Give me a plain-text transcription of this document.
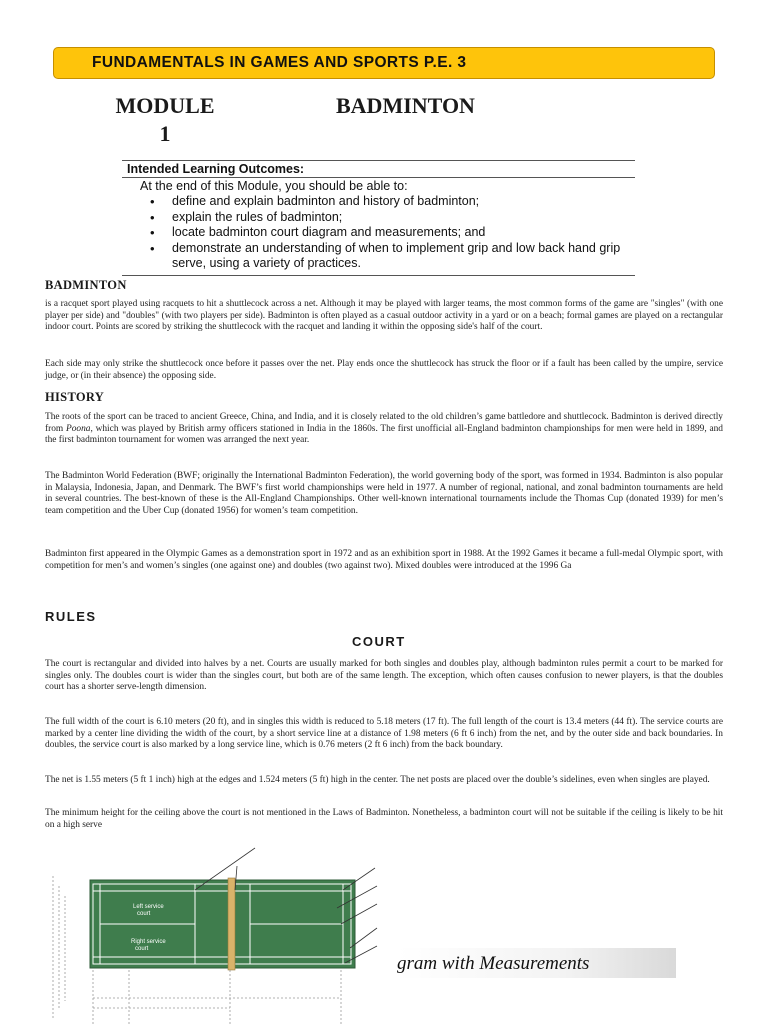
FUNDAMENTALS IN GAMES AND SPORTS P.E. 3
MODULE
1
BADMINTON
Intended Learning Outcomes:
At the end of this Module, you should be able to:
• define and explain badminton and history of badminton;
• explain the rules of badminton;
• locate badminton court diagram and measurements; and
• demonstrate an understanding of when to implement grip and low back hand grip serve, using a variety of practices.
BADMINTON

is a racquet sport played using racquets to hit a shuttlecock across a net. Although it may be played with larger teams, the most common forms of the game are "singles" (with one player per side) and "doubles" (with two players per side). Badminton is often played as a casual outdoor activity in a yard or on a beach; formal games are played on a rectangular indoor court. Points are scored by striking the shuttlecock with the racquet and landing it within the opposing side's half of the court.

Each side may only strike the shuttlecock once before it passes over the net. Play ends once the shuttlecock has struck the floor or if a fault has been called by the umpire, service judge, or (in their absence) the opposing side.

HISTORY

The roots of the sport can be traced to ancient Greece, China, and India, and it is closely related to the old children’s game battledore and shuttlecock. Badminton is derived directly from Poona, which was played by British army officers stationed in India in the 1860s. The first unofficial all-England badminton championships for men were held in 1899, and the first badminton tournament for women was arranged the next year.

The Badminton World Federation (BWF; originally the International Badminton Federation), the world governing body of the sport, was formed in 1934. Badminton is also popular in Malaysia, Indonesia, Japan, and Denmark. The BWF’s first world championships were held in 1977. A number of regional, national, and zonal badminton tournaments are held in several countries. The best-known of these is the All-England Championships. Other well-known international tournaments include the Thomas Cup (donated 1939) for men’s team competition and the Uber Cup (donated 1956) for women’s team competition.

Badminton first appeared in the Olympic Games as a demonstration sport in 1972 and as an exhibition sport in 1988. At the 1992 Games it became a full-medal Olympic sport, with competition for men’s and women’s singles (one against one) and doubles (two against two). Mixed doubles were introduced at the 1996 Ga

RULES
COURT

The court is rectangular and divided into halves by a net. Courts are usually marked for both singles and doubles play, although badminton rules permit a court to be marked for singles only. The doubles court is wider than the singles court, but both are of the same length. The exception, which often causes confusion to newer players, is that the doubles court has a shorter serve-length dimension.

The full width of the court is 6.10 meters (20 ft), and in singles this width is reduced to 5.18 meters (17 ft). The full length of the court is 13.4 meters (44 ft). The service courts are marked by a center line dividing the width of the court, by a short service line at a distance of 1.98 meters (6 ft 6 inch) from the net, and by the outer side and back boundaries. In doubles, the service court is also marked by a long service line, which is 0.76 meters (2 ft 6 inch) from the back boundary.

The net is 1.55 meters (5 ft 1 inch) high at the edges and 1.524 meters (5 ft) high in the center. The net posts are placed over the double’s sidelines, even when singles are played.

The minimum height for the ceiling above the court is not mentioned in the Laws of Badminton. Nonetheless, a badminton court will not be suitable if the ceiling is likely to be hit on a high serve

Left service court
Right service court
gram with Measurements
